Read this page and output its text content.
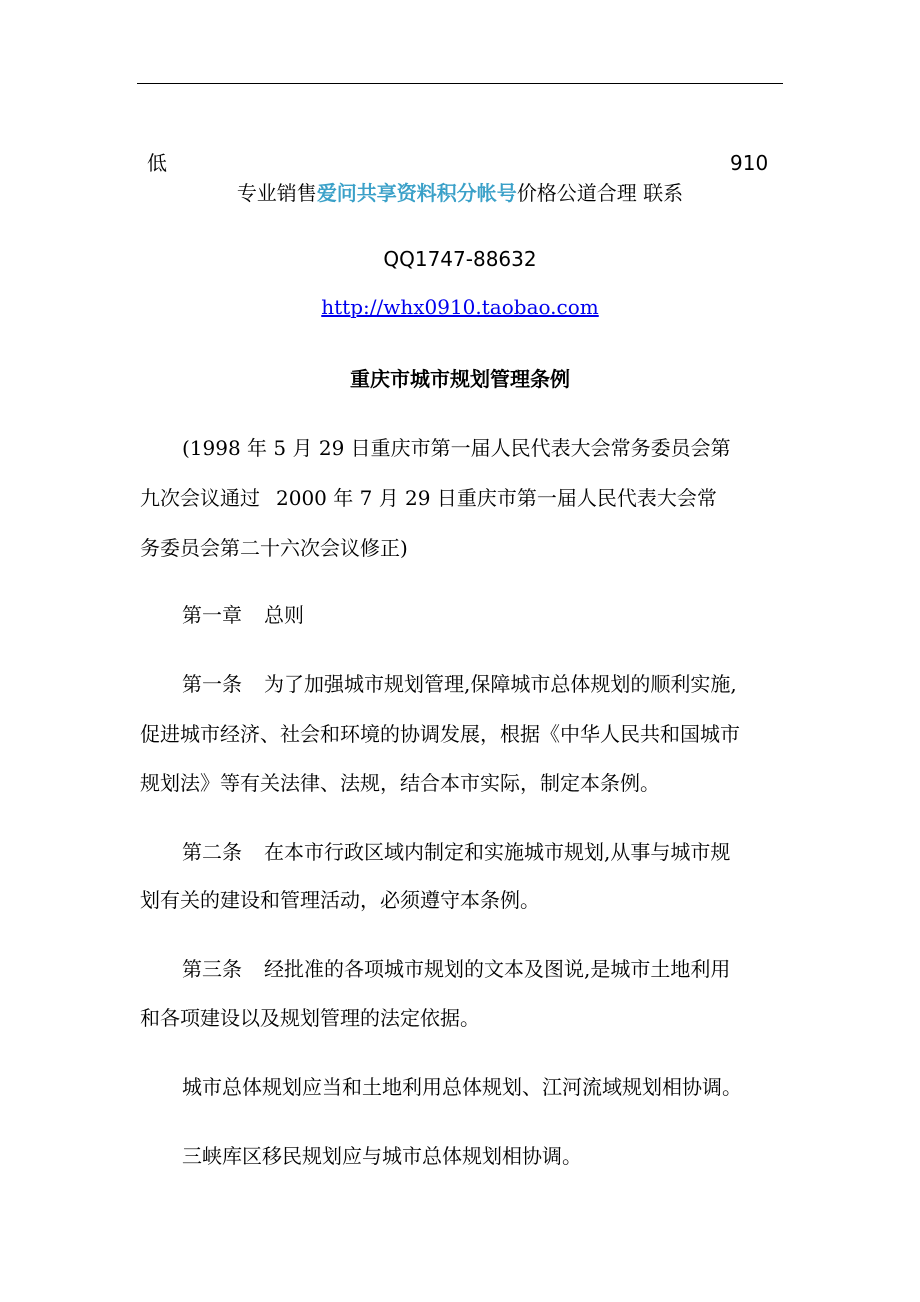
低	910
专业销售爱问共享资料积分帐号价格公道合理 联系
QQ1747-88632
http://whx0910.taobao.com
重庆市城市规划管理条例
(1998 年 5 月 29 日重庆市第一届人民代表大会常务委员会第
九次会议通过 2000 年 7 月 29 日重庆市第一届人民代表大会常
务委员会第二十六次会议修正)
第一章 总则
第一条 为了加强城市规划管理,保障城市总体规划的顺利实施,
促进城市经济、社会和环境的协调发展，根据《中华人民共和国城市
规划法》等有关法律、法规，结合本市实际，制定本条例。
第二条 在本市行政区域内制定和实施城市规划,从事与城市规
划有关的建设和管理活动，必须遵守本条例。
第三条 经批准的各项城市规划的文本及图说,是城市土地利用
和各项建设以及规划管理的法定依据。
城市总体规划应当和土地利用总体规划、江河流域规划相协调。
三峡库区移民规划应与城市总体规划相协调。
